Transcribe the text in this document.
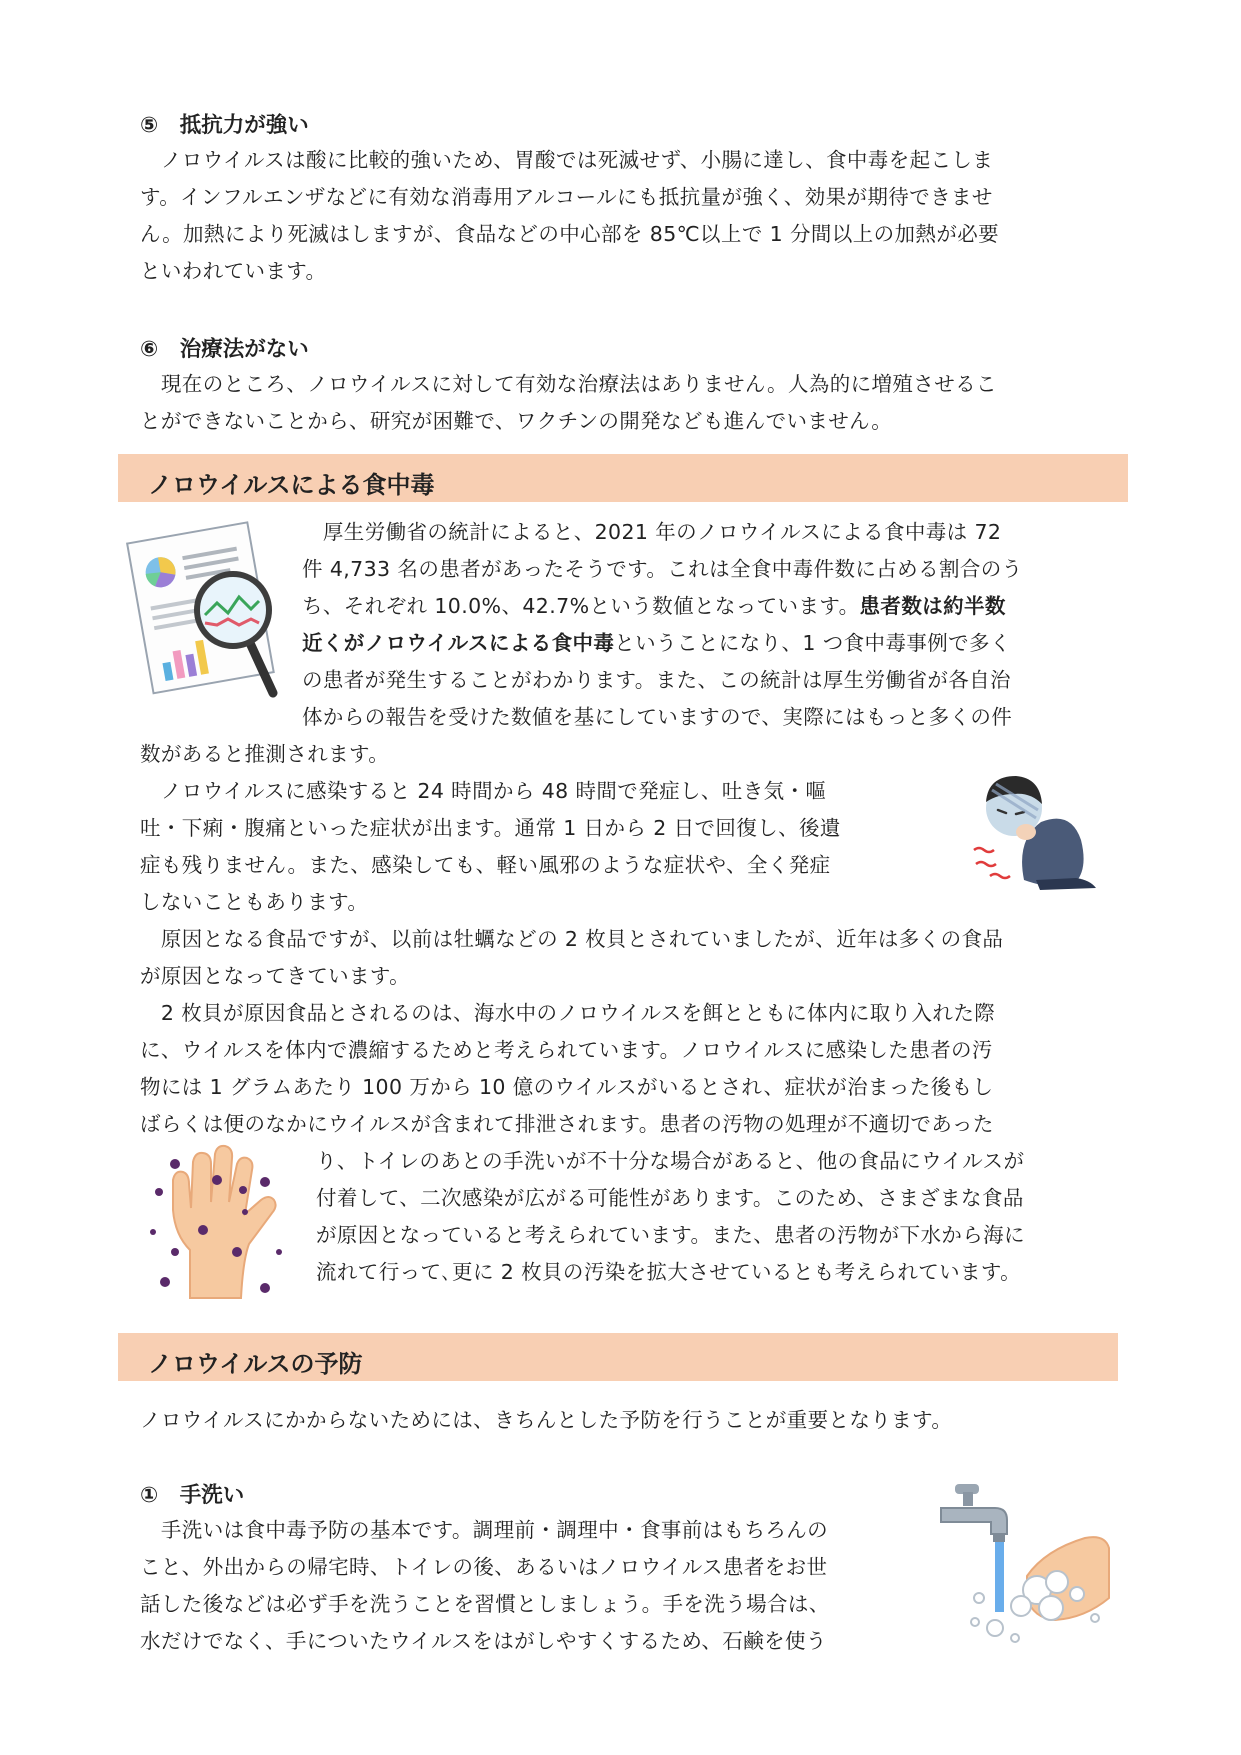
⑤　抵抗力が強い
　ノロウイルスは酸に比較的強いため、胃酸では死滅せず、小腸に達し、食中毒を起こしま
す。インフルエンザなどに有効な消毒用アルコールにも抵抗量が強く、効果が期待できませ
ん。加熱により死滅はしますが、食品などの中心部を 85℃以上で 1 分間以上の加熱が必要
といわれています。
⑥　治療法がない
　現在のところ、ノロウイルスに対して有効な治療法はありません。人為的に増殖させるこ
とができないことから、研究が困難で、ワクチンの開発なども進んでいません。
ノロウイルスによる食中毒
　厚生労働省の統計によると、2021 年のノロウイルスによる食中毒は 72
件 4,733 名の患者があったそうです。これは全食中毒件数に占める割合のう
ち、それぞれ 10.0%、42.7%という数値となっています。患者数は約半数
近くがノロウイルスによる食中毒ということになり、1 つ食中毒事例で多く
の患者が発生することがわかります。また、この統計は厚生労働省が各自治
体からの報告を受けた数値を基にしていますので、実際にはもっと多くの件
数があると推測されます。
　ノロウイルスに感染すると 24 時間から 48 時間で発症し、吐き気・嘔
吐・下痢・腹痛といった症状が出ます。通常 1 日から 2 日で回復し、後遺
症も残りません。また、感染しても、軽い風邪のような症状や、全く発症
しないこともあります。
　原因となる食品ですが、以前は牡蠣などの 2 枚貝とされていましたが、近年は多くの食品
が原因となってきています。
　2 枚貝が原因食品とされるのは、海水中のノロウイルスを餌とともに体内に取り入れた際
に、ウイルスを体内で濃縮するためと考えられています。ノロウイルスに感染した患者の汚
物には 1 グラムあたり 100 万から 10 億のウイルスがいるとされ、症状が治まった後もし
ばらくは便のなかにウイルスが含まれて排泄されます。患者の汚物の処理が不適切であった
り、トイレのあとの手洗いが不十分な場合があると、他の食品にウイルスが
付着して、二次感染が広がる可能性があります。このため、さまざまな食品
が原因となっていると考えられています。また、患者の汚物が下水から海に
流れて行って､更に 2 枚貝の汚染を拡大させているとも考えられています。
ノロウイルスの予防
ノロウイルスにかからないためには、きちんとした予防を行うことが重要となります。
①　手洗い
　手洗いは食中毒予防の基本です。調理前・調理中・食事前はもちろんの
こと、外出からの帰宅時、トイレの後、あるいはノロウイルス患者をお世
話した後などは必ず手を洗うことを習慣としましょう。手を洗う場合は、
水だけでなく、手についたウイルスをはがしやすくするため、石鹸を使う
